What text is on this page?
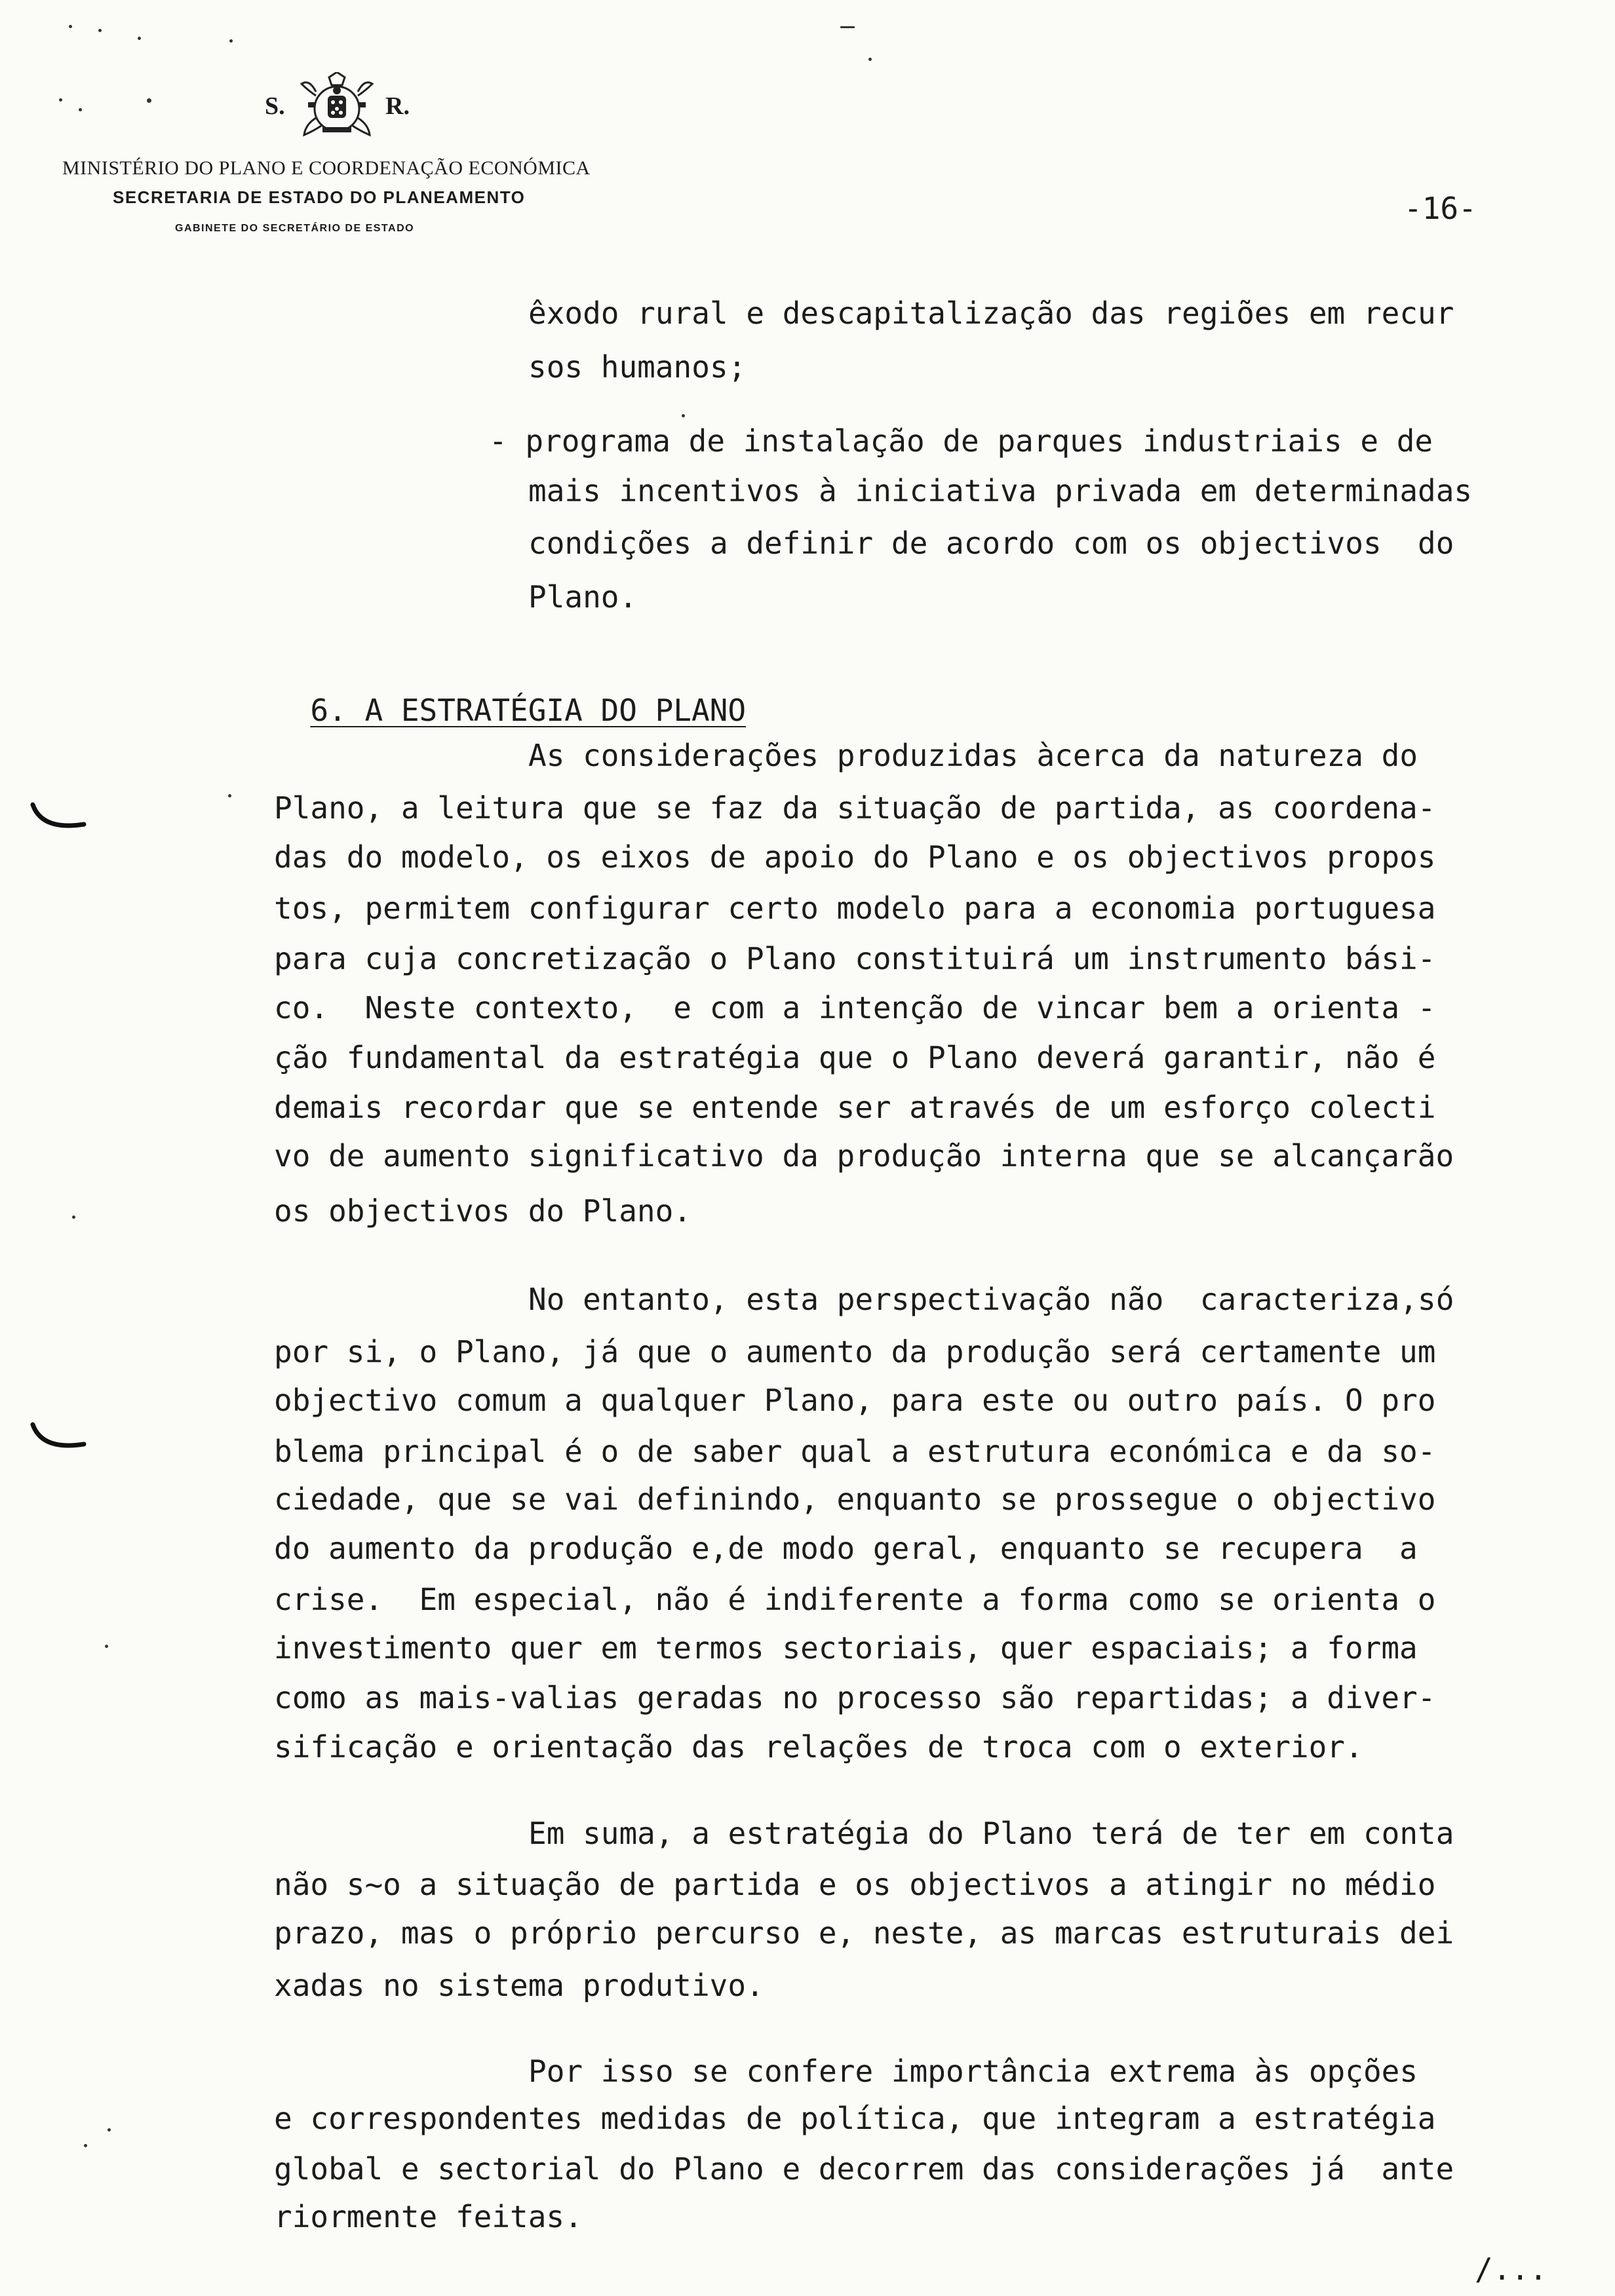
S.	R.
MINISTÉRIO DO PLANO E COORDENAÇÃO ECONÓMICA
SECRETARIA DE ESTADO DO PLANEAMENTO
GABINETE DO SECRETÁRIO DE ESTADO
-16-
êxodo rural e descapitalização das regiões em recur
sos humanos;
- programa de instalação de parques industriais e de
mais incentivos à iniciativa privada em determinadas
condições a definir de acordo com os objectivos  do
Plano.

6. A ESTRATÉGIA DO PLANO

As considerações produzidas àcerca da natureza do
Plano, a leitura que se faz da situação de partida, as coordena-
das do modelo, os eixos de apoio do Plano e os objectivos propos
tos, permitem configurar certo modelo para a economia portuguesa
para cuja concretização o Plano constituirá um instrumento bási-
co.  Neste contexto,  e com a intenção de vincar bem a orienta -
ção fundamental da estratégia que o Plano deverá garantir, não é
demais recordar que se entende ser através de um esforço colecti
vo de aumento significativo da produção interna que se alcançarão
os objectivos do Plano.
No entanto, esta perspectivação não  caracteriza,só
por si, o Plano, já que o aumento da produção será certamente um
objectivo comum a qualquer Plano, para este ou outro país. O pro
blema principal é o de saber qual a estrutura económica e da so-
ciedade, que se vai definindo, enquanto se prossegue o objectivo
do aumento da produção e,de modo geral, enquanto se recupera  a
crise.  Em especial, não é indiferente a forma como se orienta o
investimento quer em termos sectoriais, quer espaciais; a forma
como as mais-valias geradas no processo são repartidas; a diver-
sificação e orientação das relações de troca com o exterior.
Em suma, a estratégia do Plano terá de ter em conta
não s~o a situação de partida e os objectivos a atingir no médio
prazo, mas o próprio percurso e, neste, as marcas estruturais dei
xadas no sistema produtivo.
Por isso se confere importância extrema às opções
e correspondentes medidas de política, que integram a estratégia
global e sectorial do Plano e decorrem das considerações já  ante
riormente feitas.
/...
